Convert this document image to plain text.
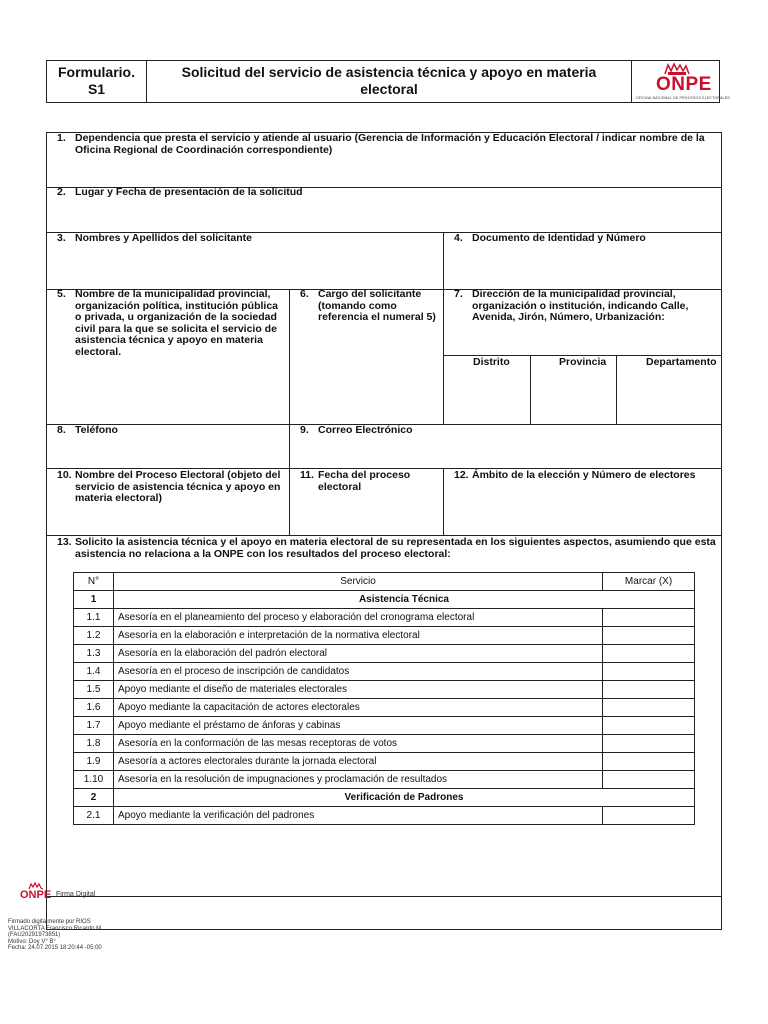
Formulario.
S1
Solicitud del servicio de asistencia técnica y apoyo en materia
electoral	ONPE
OFICINA NACIONAL DE PROCESOS ELECTORALES
1. Dependencia que presta el servicio y atiende al usuario (Gerencia de Información y Educación Electoral / indicar nombre de la
Oficina Regional de Coordinación correspondiente)
2. Lugar y Fecha de presentación de la solicitud
3. Nombres y Apellidos del solicitante	4. Documento de Identidad y Número
5. Nombre de la municipalidad provincial,
organización política, institución pública
o privada, u organización de la sociedad
civil para la que se solicita el servicio de
asistencia técnica y apoyo en materia
electoral.
6. Cargo del solicitante
(tomando como
referencia el numeral 5)
7. Dirección de la municipalidad provincial,
organización o institución, indicando Calle,
Avenida, Jirón, Número, Urbanización:
Distrito	Provincia	Departamento
8. Teléfono	9. Correo Electrónico
10. Nombre del Proceso Electoral (objeto del
servicio de asistencia técnica y apoyo en
materia electoral)
11. Fecha del proceso
electoral
12. Ámbito de la elección y Número de electores
13. Solicito la asistencia técnica y el apoyo en materia electoral de su representada en los siguientes aspectos, asumiendo que esta
asistencia no relaciona a la ONPE con los resultados del proceso electoral:
N°	Servicio	Marcar (X)
1	Asistencia Técnica	
1.1	Asesoría en el planeamiento del proceso y elaboración del cronograma electoral	
1.2	Asesoría en la elaboración e interpretación de la normativa electoral	
1.3	Asesoría en la elaboración del padrón electoral	
1.4	Asesoría en el proceso de inscripción de candidatos	
1.5	Apoyo mediante el diseño de materiales electorales	
1.6	Apoyo mediante la capacitación de actores electorales	
1.7	Apoyo mediante el préstamo de ánforas y cabinas	
1.8	Asesoría en la conformación de las mesas receptoras de votos	
1.9	Asesoría a actores electorales durante la jornada electoral	
1.10	Asesoría en la resolución de impugnaciones y proclamación de resultados	
2	Verificación de Padrones	
2.1	Apoyo mediante la verificación del padrones	
ONPE Firma Digital
Firmado digitalmente por RIOS
VILLACORTA Francisco Ricardo M
(FAU20291973851)
Motivo: Doy V° B°
Fecha: 24.07.2015 18:20:44 -05:00
